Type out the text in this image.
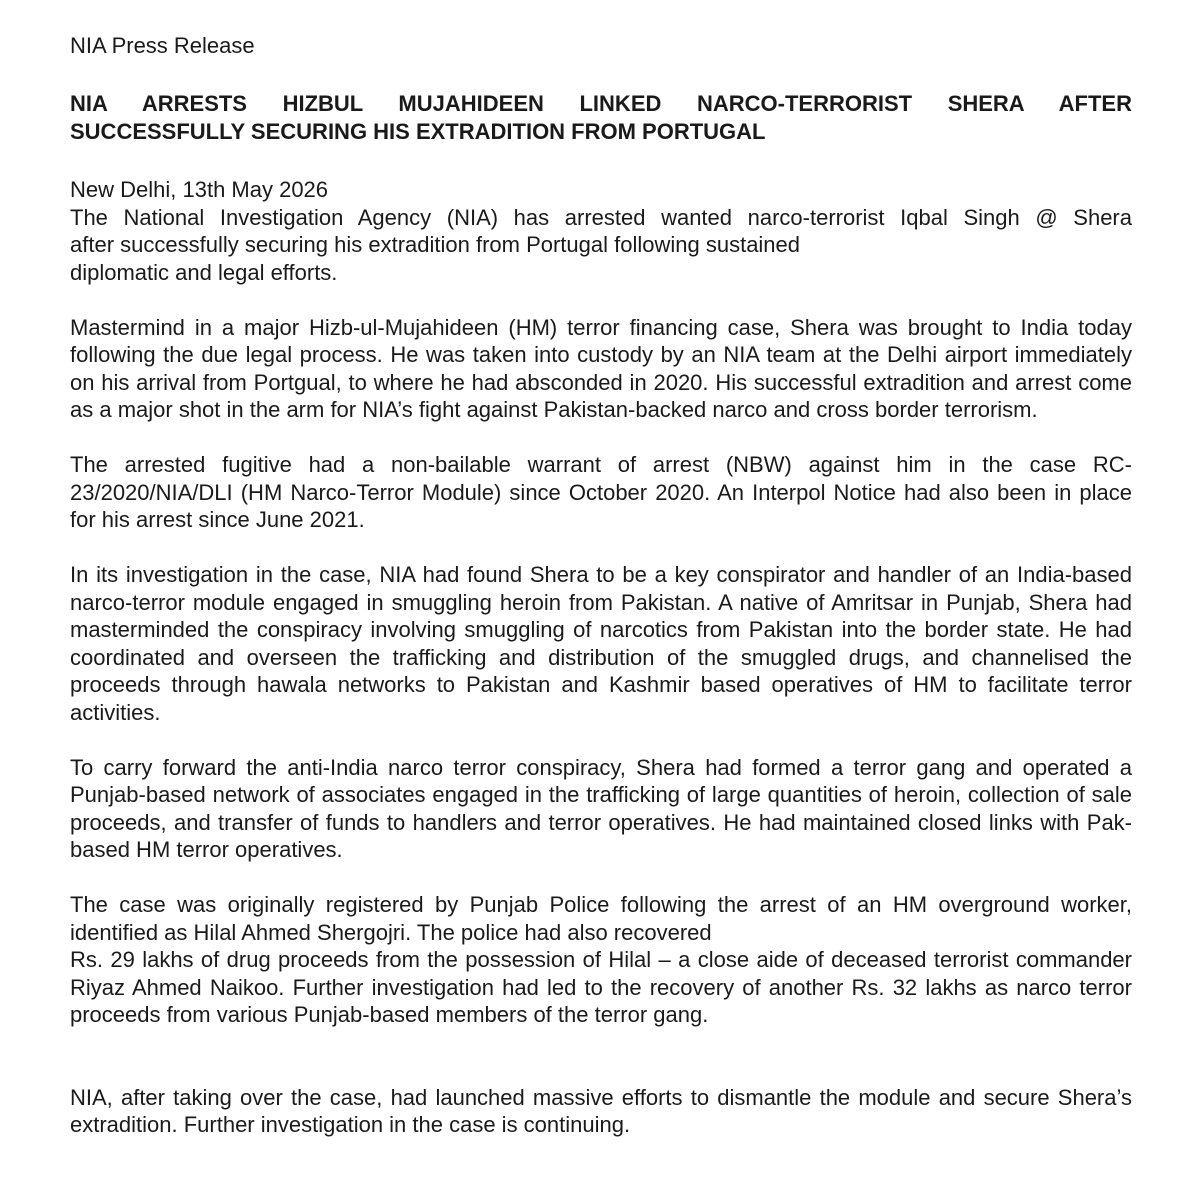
NIA Press Release

NIA ARRESTS HIZBUL MUJAHIDEEN LINKED NARCO-TERRORIST SHERA AFTER
SUCCESSFULLY SECURING HIS EXTRADITION FROM PORTUGAL

New Delhi, 13th May 2026

The National Investigation Agency (NIA) has arrested wanted narco-terrorist Iqbal Singh @ Shera
after successfully securing his extradition from Portugal following sustained
diplomatic and legal efforts.

Mastermind in a major Hizb-ul-Mujahideen (HM) terror financing case, Shera was brought to India today following the due legal process. He was taken into custody by an NIA team at the Delhi airport immediately on his arrival from Portgual, to where he had absconded in 2020. His successful extradition and arrest come as a major shot in the arm for NIA’s fight against Pakistan-backed narco and cross border terrorism.

The arrested fugitive had a non-bailable warrant of arrest (NBW) against him in the case RC-23/2020/NIA/DLI (HM Narco-Terror Module) since October 2020. An Interpol Notice had also been in place for his arrest since June 2021.

In its investigation in the case, NIA had found Shera to be a key conspirator and handler of an India-based narco-terror module engaged in smuggling heroin from Pakistan. A native of Amritsar in Punjab, Shera had masterminded the conspiracy involving smuggling of narcotics from Pakistan into the border state. He had coordinated and overseen the trafficking and distribution of the smuggled drugs, and channelised the proceeds through hawala networks to Pakistan and Kashmir based operatives of HM to facilitate terror activities.

To carry forward the anti-India narco terror conspiracy, Shera had formed a terror gang and operated a Punjab-based network of associates engaged in the trafficking of large quantities of heroin, collection of sale proceeds, and transfer of funds to handlers and terror operatives. He had maintained closed links with Pak-based HM terror operatives.

The case was originally registered by Punjab Police following the arrest of an HM overground worker, identified as Hilal Ahmed Shergojri. The police had also recovered
Rs. 29 lakhs of drug proceeds from the possession of Hilal – a close aide of deceased terrorist commander Riyaz Ahmed Naikoo. Further investigation had led to the recovery of another Rs. 32 lakhs as narco terror proceeds from various Punjab-based members of the terror gang.

NIA, after taking over the case, had launched massive efforts to dismantle the module and secure Shera’s extradition. Further investigation in the case is continuing.
